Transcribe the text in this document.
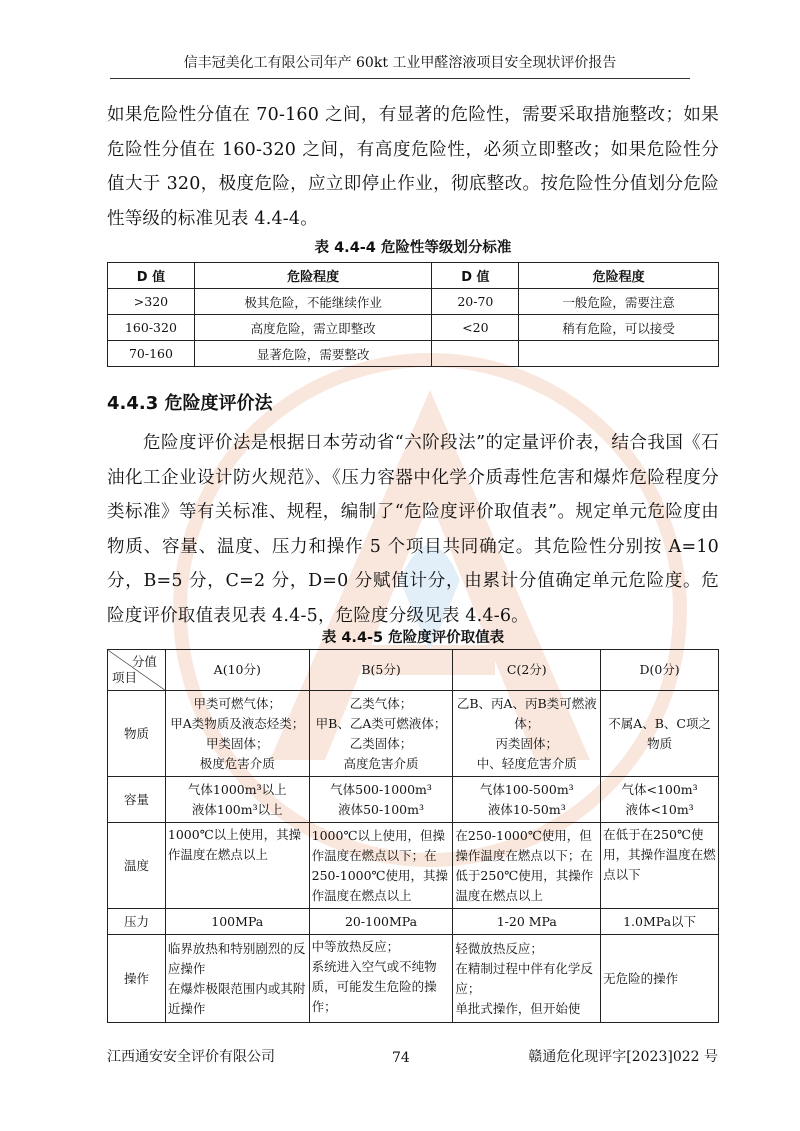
信丰冠美化工有限公司年产 60kt 工业甲醛溶液项目安全现状评价报告
如果危险性分值在 70-160 之间，有显著的危险性，需要采取措施整改；如果危险性分值在 160-320 之间，有高度危险性，必须立即整改；如果危险性分值大于 320，极度危险，应立即停止作业，彻底整改。按危险性分值划分危险性等级的标准见表 4.4-4。
表 4.4-4 危险性等级划分标准
D 值	危险程度	D 值	危险程度
>320	极其危险，不能继续作业	20-70	一般危险，需要注意
160-320	高度危险，需立即整改	<20	稍有危险，可以接受
70-160	显著危险，需要整改		
4.4.3 危险度评价法
危险度评价法是根据日本劳动省“六阶段法”的定量评价表，结合我国《石油化工企业设计防火规范》、《压力容器中化学介质毒性危害和爆炸危险程度分类标准》等有关标准、规程，编制了“危险度评价取值表”。规定单元危险度由物质、容量、温度、压力和操作 5 个项目共同确定。其危险性分别按 A=10 分，B=5 分，C=2 分，D=0 分赋值计分，由累计分值确定单元危险度。危险度评价取值表见表 4.4-5，危险度分级见表 4.4-6。
表 4.4-5 危险度评价取值表
分值
项目	A(10分)	B(5分)	C(2分)	D(0分)
物质	甲类可燃气体；
甲A类物质及液态烃类；
甲类固体；
极度危害介质	乙类气体；
甲B、乙A类可燃液体；
乙类固体；
高度危害介质	乙B、丙A、丙B类可燃液体；
丙类固体；
中、轻度危害介质	不属A、B、C项之物质
容量	气体1000m³以上
液体100m³以上	气体500-1000m³
液体50-100m³	气体100-500m³
液体10-50m³	气体<100m³
液体<10m³
温度	1000℃以上使用，其操作温度在燃点以上	1000℃以上使用，但操作温度在燃点以下；在250-1000℃使用，其操作温度在燃点以上	在250-1000℃使用，但操作温度在燃点以下；在低于250℃使用，其操作温度在燃点以上	在低于在250℃使用，其操作温度在燃点以下
压力	100MPa	20-100MPa	1-20 MPa	1.0MPa以下
操作	临界放热和特别剧烈的反应操作
在爆炸极限范围内或其附近操作	中等放热反应；
系统进入空气或不纯物质，可能发生危险的操作；	轻微放热反应；
在精制过程中伴有化学反应；
单批式操作，但开始使	无危险的操作
江西通安安全评价有限公司	74	赣通危化现评字[2023]022 号
